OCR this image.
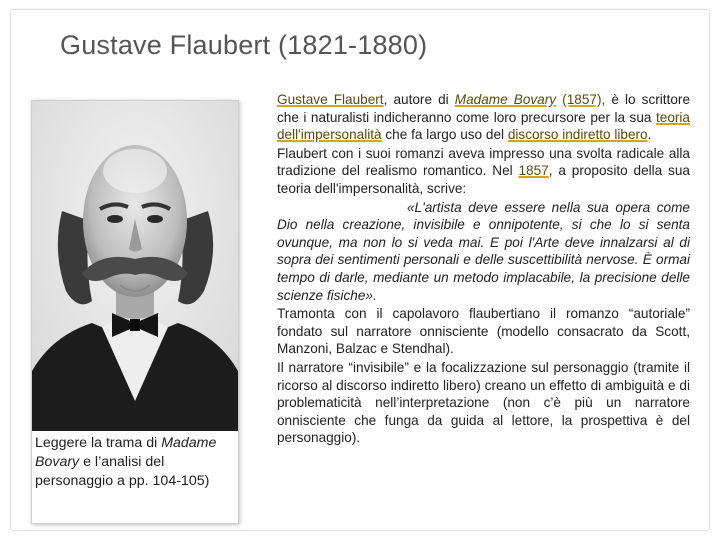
Gustave Flaubert (1821-1880)
Leggere la trama di Madame Bovary e l’analisi del personaggio a pp. 104-105)

Gustave Flaubert, autore di Madame Bovary (1857), è lo scrittore che i naturalisti indicheranno come loro precursore per la sua teoria dell'impersonalità che fa largo uso del discorso indiretto libero.

Flaubert con i suoi romanzi aveva impresso una svolta radicale alla tradizione del realismo romantico. Nel 1857, a proposito della sua teoria dell'impersonalità, scrive:

«L'artista deve essere nella sua opera come Dio nella creazione, invisibile e onnipotente, si che lo si senta ovunque, ma non lo si veda mai. E poi l'Arte deve innalzarsi al di sopra dei sentimenti personali e delle suscettibilità nervose. È ormai tempo di darle, mediante un metodo implacabile, la precisione delle scienze fisiche».

Tramonta con il capolavoro flaubertiano il romanzo “autoriale” fondato sul narratore onnisciente (modello consacrato da Scott, Manzoni, Balzac e Stendhal).

Il narratore “invisibile” e la focalizzazione sul personaggio (tramite il ricorso al discorso indiretto libero) creano un effetto di ambiguità e di problematicità nell’interpretazione (non c’è più un narratore onnisciente che funga da guida al lettore, la prospettiva è del personaggio).
